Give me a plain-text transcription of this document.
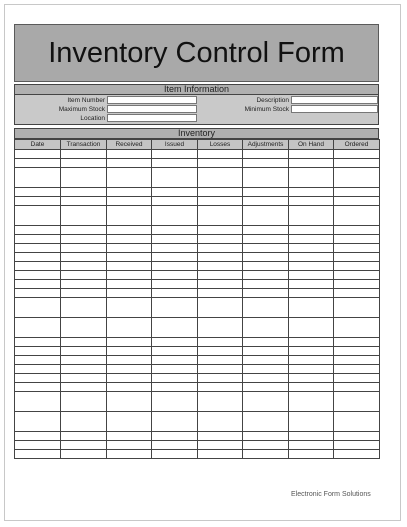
Inventory Control Form
Item Information
Item Number	Description
Maximum Stock	Minimum Stock
Location
Inventory
Date	Transaction	Received	Issued	Losses	Adjustments	On Hand	Ordered

Electronic Form Solutions
